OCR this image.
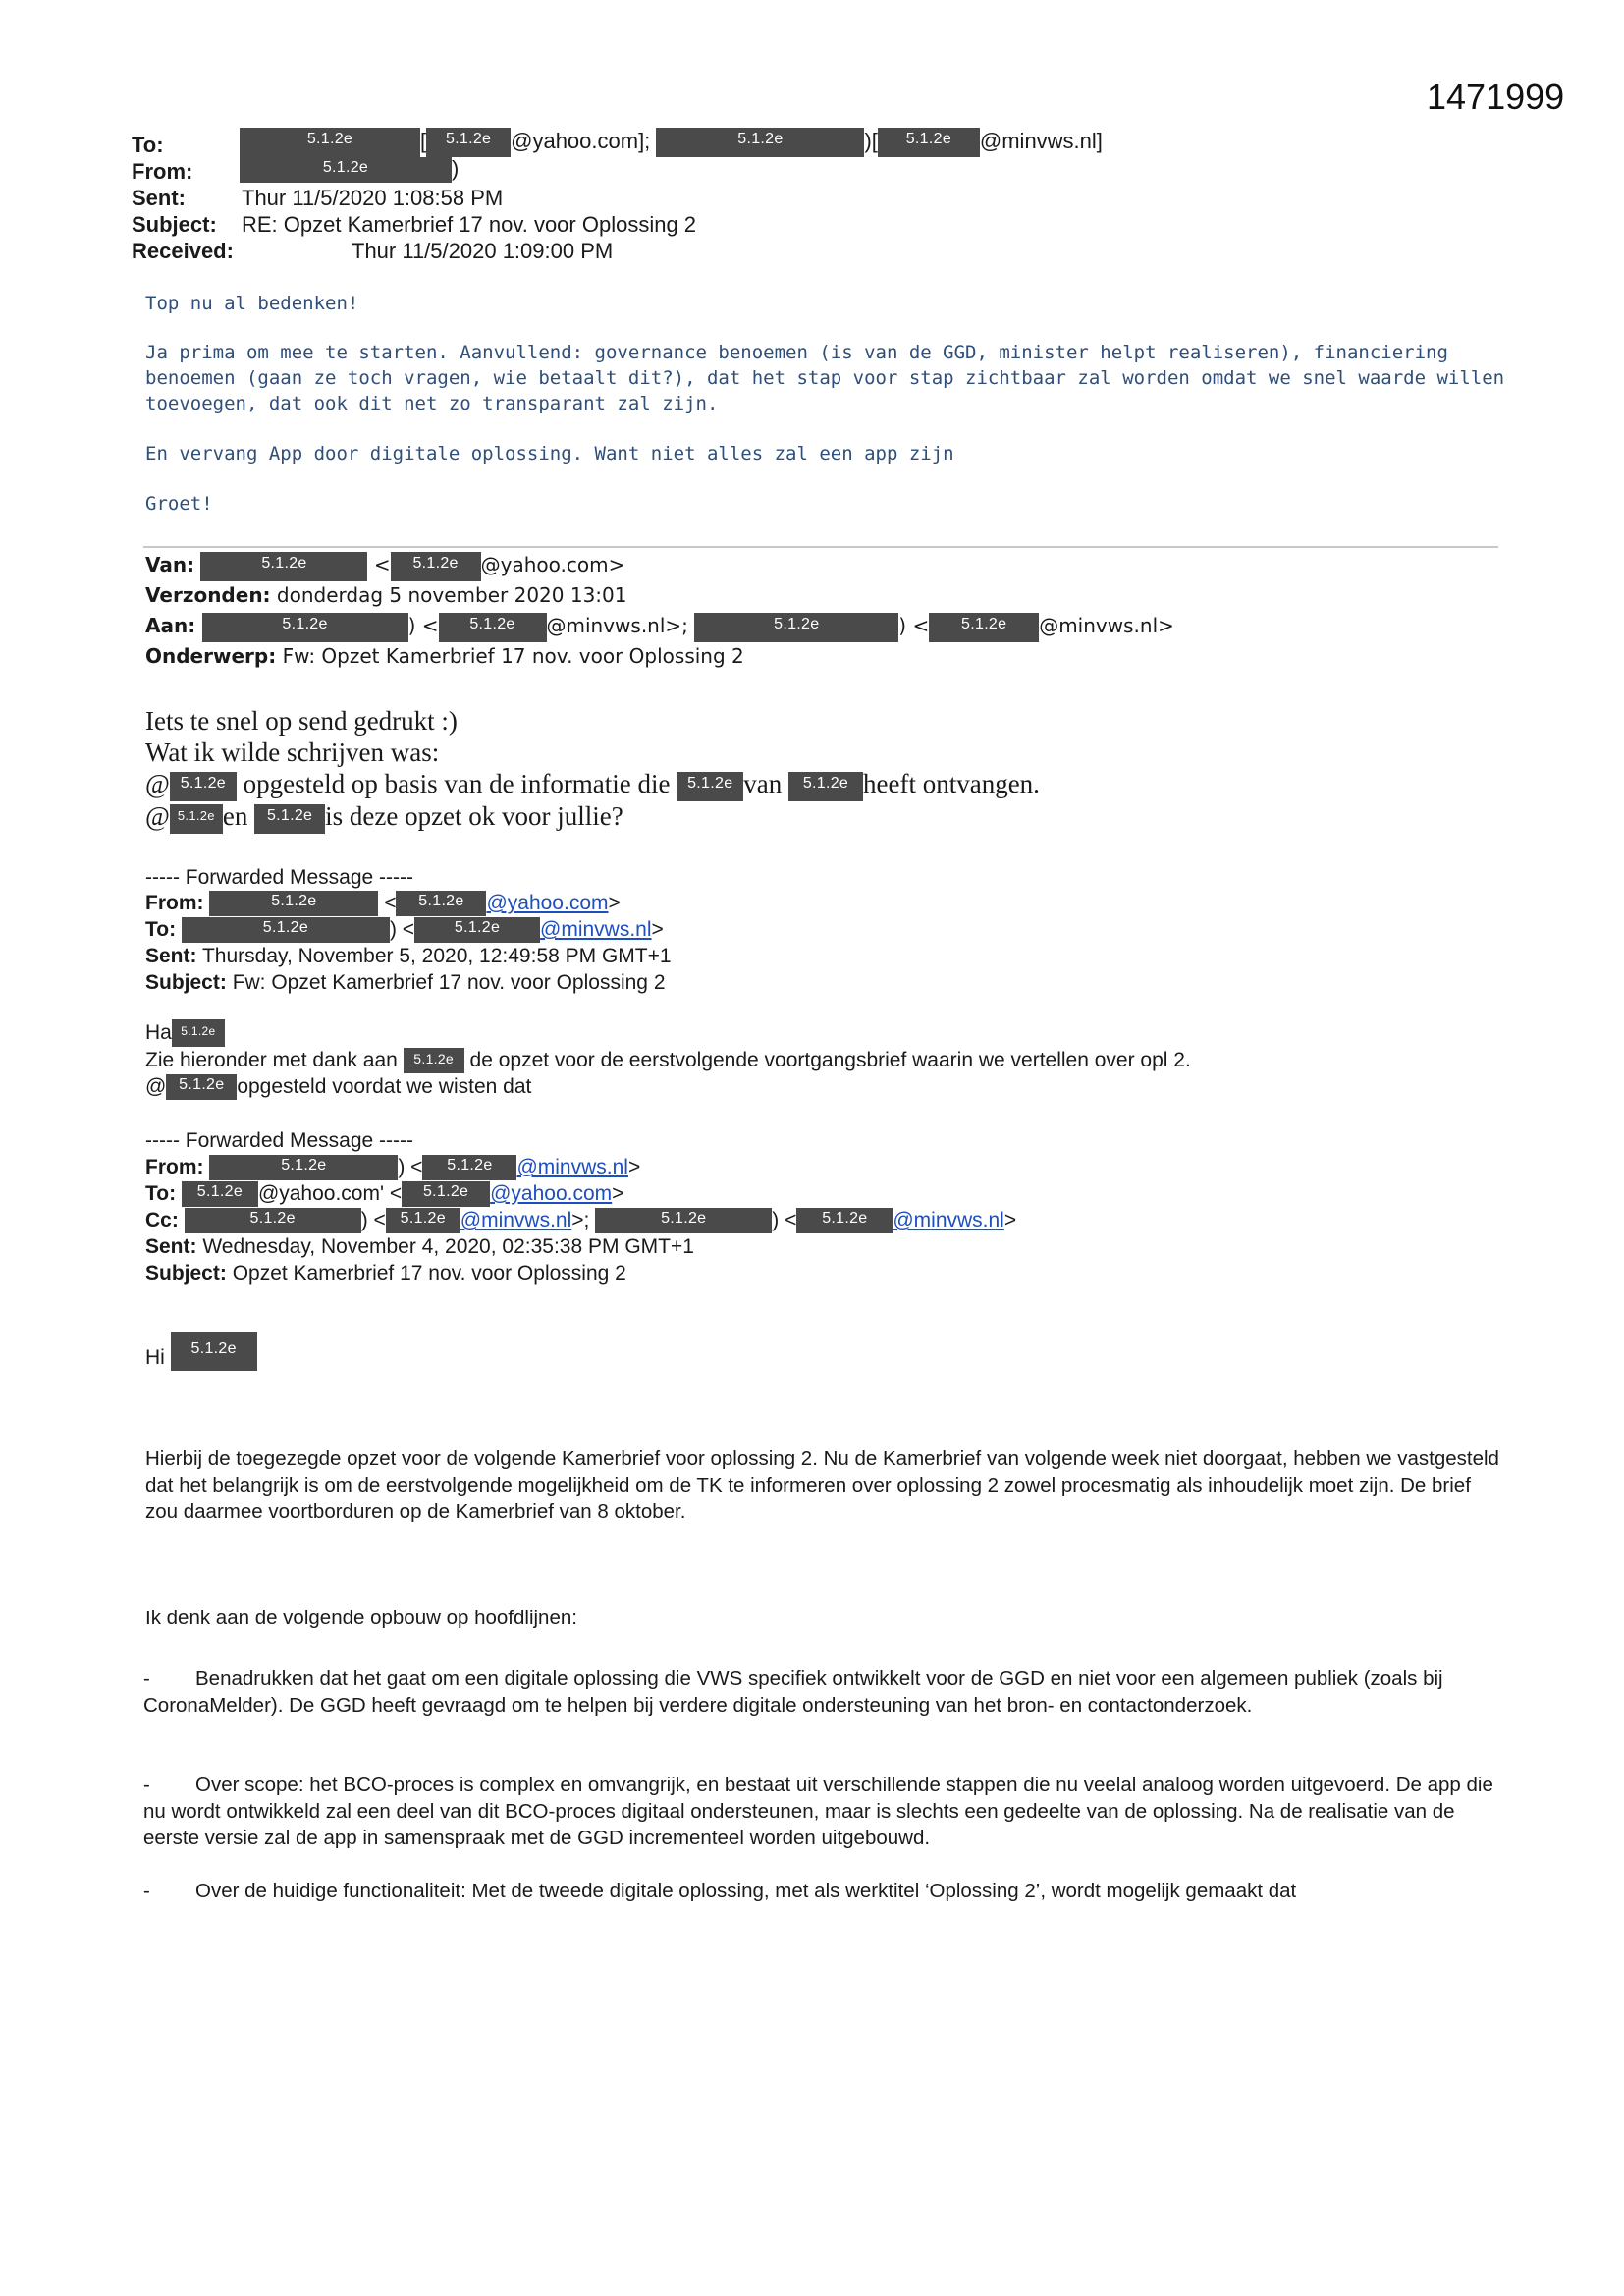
1471999
To:	5.1.2e	[ 5.1.2e @yahoo.com];	5.1.2e	)[ 5.1.2e @minvws.nl]
From:	5.1.2e	)
Sent:	Thur 11/5/2020 1:08:58 PM
Subject: RE: Opzet Kamerbrief 17 nov. voor Oplossing 2
Received:	Thur 11/5/2020 1:09:00 PM
Top nu al bedenken!
Ja prima om mee te starten. Aanvullend: governance benoemen (is van de GGD, minister helpt realiseren), financiering
benoemen (gaan ze toch vragen, wie betaalt dit?), dat het stap voor stap zichtbaar zal worden omdat we snel waarde willen
toevoegen, dat ook dit net zo transparant zal zijn.
En vervang App door digitale oplossing. Want niet alles zal een app zijn
Groet!
Van:	5.1.2e	< 5.1.2e @yahoo.com>
Verzonden: donderdag 5 november 2020 13:01
Aan:	5.1.2e	) < 5.1.2e @minvws.nl>;	5.1.2e	) < 5.1.2e @minvws.nl>
Onderwerp: Fw: Opzet Kamerbrief 17 nov. voor Oplossing 2
Iets te snel op send gedrukt :)
Wat ik wilde schrijven was:
@ 5.1.2e opgesteld op basis van de informatie die 5.1.2e van 5.1.2e heeft ontvangen.
@ 5.1.2e en 5.1.2e is deze opzet ok voor jullie?
----- Forwarded Message -----
From:	5.1.2e	< 5.1.2e @yahoo.com>
To:	5.1.2e	) <	5.1.2e @minvws.nl>
Sent: Thursday, November 5, 2020, 12:49:58 PM GMT+1
Subject: Fw: Opzet Kamerbrief 17 nov. voor Oplossing 2
Ha 5.1.2e
Zie hieronder met dank aan 5.1.2e de opzet voor de eerstvolgende voortgangsbrief waarin we vertellen over opl 2.
@ 5.1.2e opgesteld voordat we wisten dat
----- Forwarded Message -----
From:	5.1.2e	) < 5.1.2e @minvws.nl>
To: 5.1.2e @yahoo.com' < 5.1.2e @yahoo.com>
Cc:	5.1.2e	) < 5.1.2e @minvws.nl>;	5.1.2e	) < 5.1.2e @minvws.nl>
Sent: Wednesday, November 4, 2020, 02:35:38 PM GMT+1
Subject: Opzet Kamerbrief 17 nov. voor Oplossing 2
Hi 5.1.2e
Hierbij de toegezegde opzet voor de volgende Kamerbrief voor oplossing 2. Nu de Kamerbrief van volgende week niet doorgaat, hebben we vastgesteld dat het belangrijk is om de eerstvolgende mogelijkheid om de TK te informeren over oplossing 2 zowel procesmatig als inhoudelijk moet zijn. De brief zou daarmee voortborduren op de Kamerbrief van 8 oktober.
Ik denk aan de volgende opbouw op hoofdlijnen:
-	Benadrukken dat het gaat om een digitale oplossing die VWS specifiek ontwikkelt voor de GGD en niet voor een algemeen publiek (zoals bij CoronaMelder). De GGD heeft gevraagd om te helpen bij verdere digitale ondersteuning van het bron- en contactonderzoek.
-	Over scope: het BCO-proces is complex en omvangrijk, en bestaat uit verschillende stappen die nu veelal analoog worden uitgevoerd. De app die nu wordt ontwikkeld zal een deel van dit BCO-proces digitaal ondersteunen, maar is slechts een gedeelte van de oplossing. Na de realisatie van de eerste versie zal de app in samenspraak met de GGD incrementeel worden uitgebouwd.
-	Over de huidige functionaliteit: Met de tweede digitale oplossing, met als werktitel ‘Oplossing 2’, wordt mogelijk gemaakt dat
